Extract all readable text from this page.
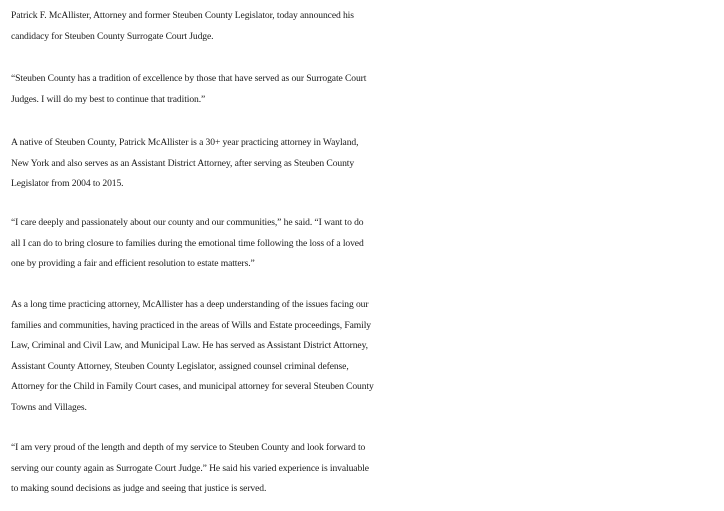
Patrick F. McAllister, Attorney and former Steuben County Legislator, today announced his
candidacy for Steuben County Surrogate Court Judge.
“Steuben County has a tradition of excellence by those that have served as our Surrogate Court
Judges. I will do my best to continue that tradition.”
A native of Steuben County, Patrick McAllister is a 30+ year practicing attorney in Wayland,
New York and also serves as an Assistant District Attorney, after serving as Steuben County
Legislator from 2004 to 2015.
“I care deeply and passionately about our county and our communities,” he said. “I want to do
all I can do to bring closure to families during the emotional time following the loss of a loved
one by providing a fair and efficient resolution to estate matters.”
As a long time practicing attorney, McAllister has a deep understanding of the issues facing our
families and communities, having practiced in the areas of Wills and Estate proceedings, Family
Law, Criminal and Civil Law, and Municipal Law. He has served as Assistant District Attorney,
Assistant County Attorney, Steuben County Legislator, assigned counsel criminal defense,
Attorney for the Child in Family Court cases, and municipal attorney for several Steuben County
Towns and Villages.
“I am very proud of the length and depth of my service to Steuben County and look forward to
serving our county again as Surrogate Court Judge.” He said his varied experience is invaluable
to making sound decisions as judge and seeing that justice is served.
